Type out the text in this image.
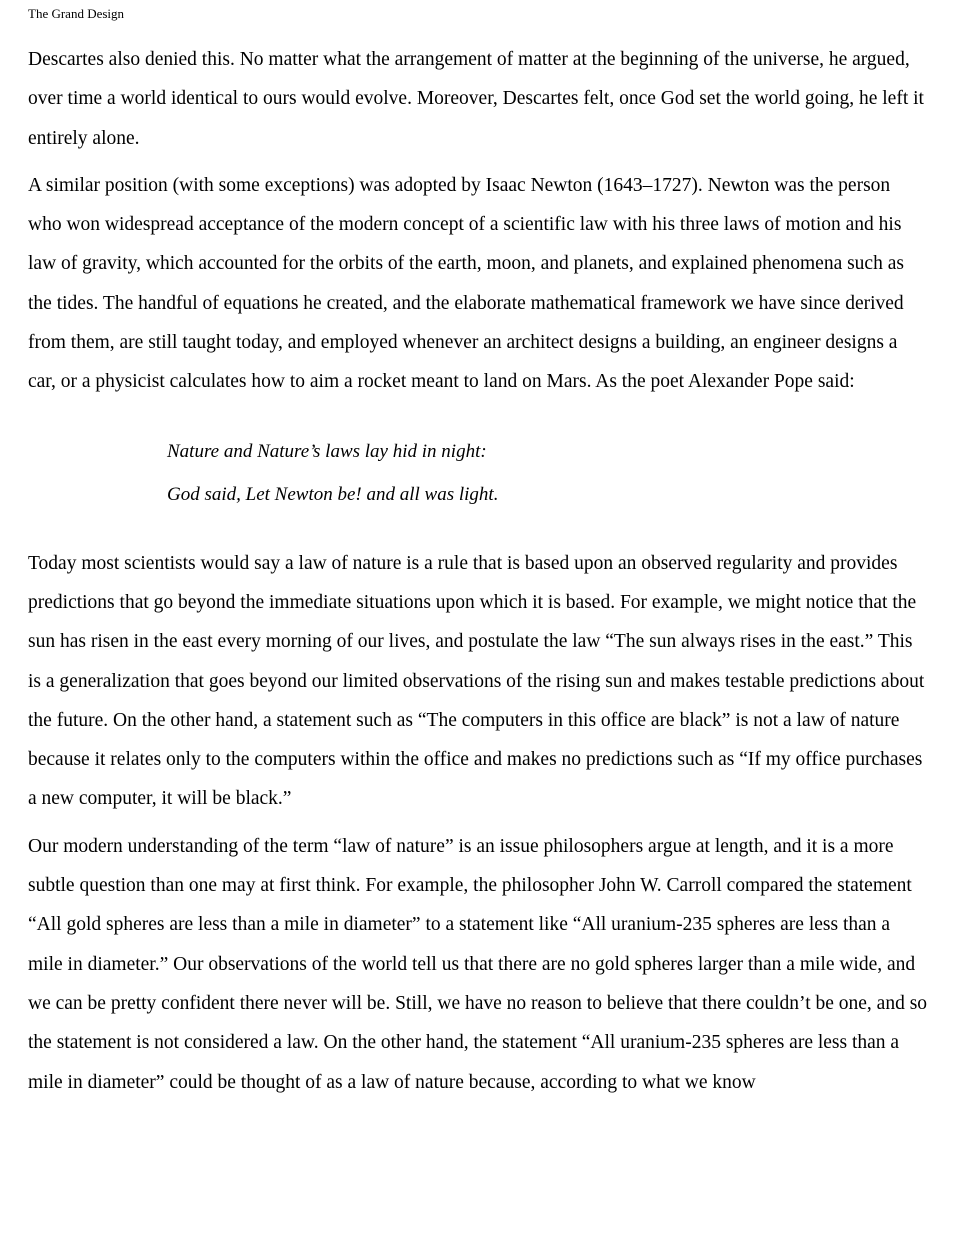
The Grand Design

Descartes also denied this. No matter what the arrangement of matter at the beginning of the universe, he argued, over time a world identical to ours would evolve. Moreover, Descartes felt, once God set the world going, he left it entirely alone.

A similar position (with some exceptions) was adopted by Isaac Newton (1643–1727). Newton was the person who won widespread acceptance of the modern concept of a scientific law with his three laws of motion and his law of gravity, which accounted for the orbits of the earth, moon, and planets, and explained phenomena such as the tides. The handful of equations he created, and the elaborate mathematical framework we have since derived from them, are still taught today, and employed whenever an architect designs a building, an engineer designs a car, or a physicist calculates how to aim a rocket meant to land on Mars. As the poet Alexander Pope said:

Nature and Nature’s laws lay hid in night:
God said, Let Newton be! and all was light.

Today most scientists would say a law of nature is a rule that is based upon an observed regularity and provides predictions that go beyond the immediate situations upon which it is based. For example, we might notice that the sun has risen in the east every morning of our lives, and postulate the law “The sun always rises in the east.” This is a generalization that goes beyond our limited observations of the rising sun and makes testable predictions about the future. On the other hand, a statement such as “The computers in this office are black” is not a law of nature because it relates only to the computers within the office and makes no predictions such as “If my office purchases a new computer, it will be black.”

Our modern understanding of the term “law of nature” is an issue philosophers argue at length, and it is a more subtle question than one may at first think. For example, the philosopher John W. Carroll compared the statement “All gold spheres are less than a mile in diameter” to a statement like “All uranium-235 spheres are less than a mile in diameter.” Our observations of the world tell us that there are no gold spheres larger than a mile wide, and we can be pretty confident there never will be. Still, we have no reason to believe that there couldn’t be one, and so the statement is not considered a law. On the other hand, the statement “All uranium-235 spheres are less than a mile in diameter” could be thought of as a law of nature because, according to what we know
